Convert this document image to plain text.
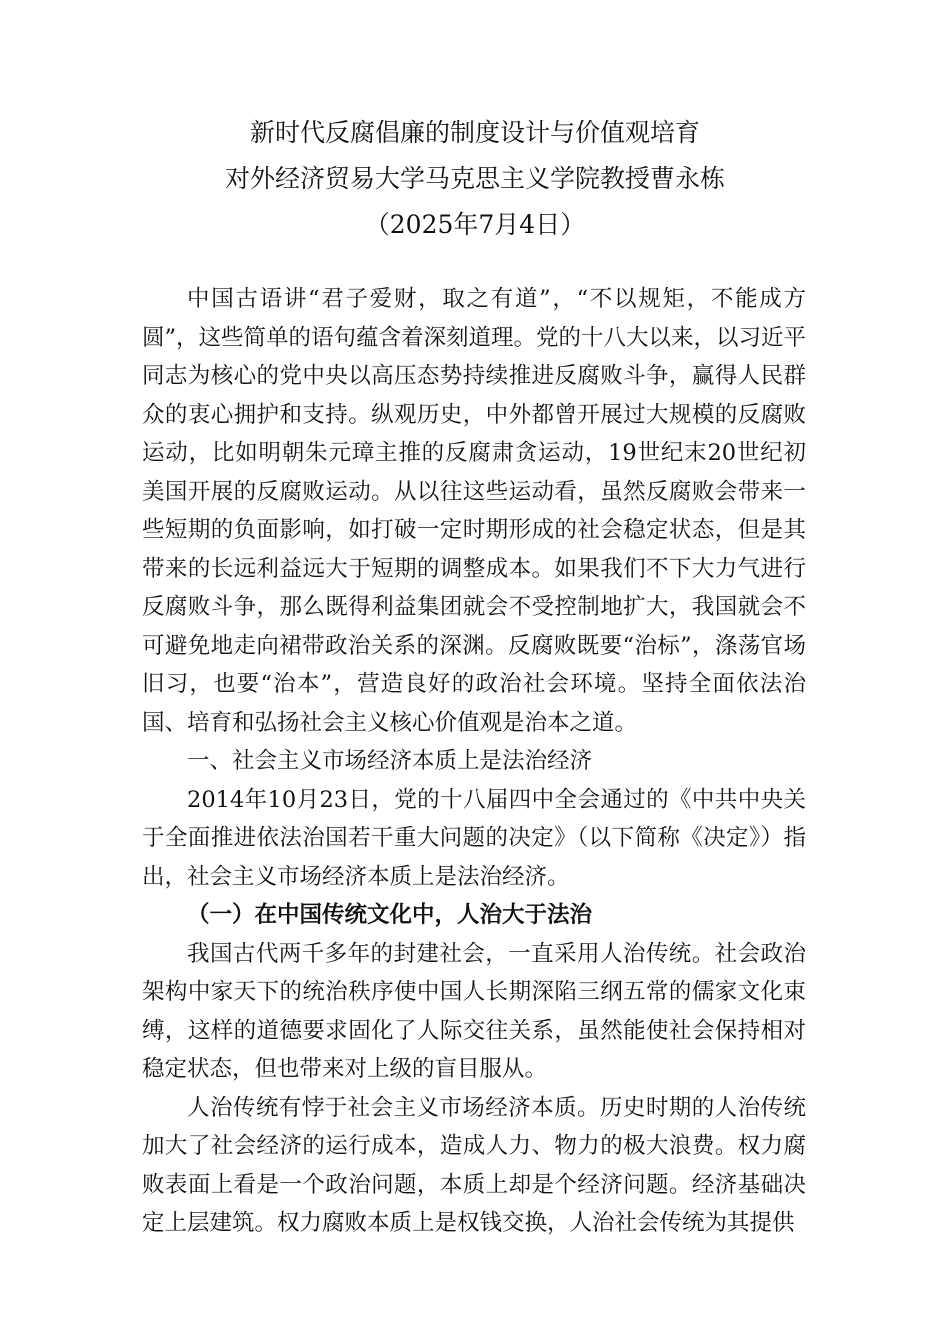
新时代反腐倡廉的制度设计与价值观培育
对外经济贸易大学马克思主义学院教授曹永栋
（2025年7月4日）

中国古语讲“君子爱财，取之有道”，“不以规矩，不能成方圆”，这些简单的语句蕴含着深刻道理。党的十八大以来，以习近平同志为核心的党中央以高压态势持续推进反腐败斗争，赢得人民群众的衷心拥护和支持。纵观历史，中外都曾开展过大规模的反腐败运动，比如明朝朱元璋主推的反腐肃贪运动，19世纪末20世纪初美国开展的反腐败运动。从以往这些运动看，虽然反腐败会带来一些短期的负面影响，如打破一定时期形成的社会稳定状态，但是其带来的长远利益远大于短期的调整成本。如果我们不下大力气进行反腐败斗争，那么既得利益集团就会不受控制地扩大，我国就会不可避免地走向裙带政治关系的深渊。反腐败既要“治标”，涤荡官场旧习，也要“治本”，营造良好的政治社会环境。坚持全面依法治国、培育和弘扬社会主义核心价值观是治本之道。

一、社会主义市场经济本质上是法治经济

2014年10月23日，党的十八届四中全会通过的《中共中央关于全面推进依法治国若干重大问题的决定》（以下简称《决定》）指出，社会主义市场经济本质上是法治经济。

（一）在中国传统文化中，人治大于法治

我国古代两千多年的封建社会，一直采用人治传统。社会政治架构中家天下的统治秩序使中国人长期深陷三纲五常的儒家文化束缚，这样的道德要求固化了人际交往关系，虽然能使社会保持相对稳定状态，但也带来对上级的盲目服从。

人治传统有悖于社会主义市场经济本质。历史时期的人治传统加大了社会经济的运行成本，造成人力、物力的极大浪费。权力腐败表面上看是一个政治问题，本质上却是个经济问题。经济基础决定上层建筑。权力腐败本质上是权钱交换，人治社会传统为其提供
